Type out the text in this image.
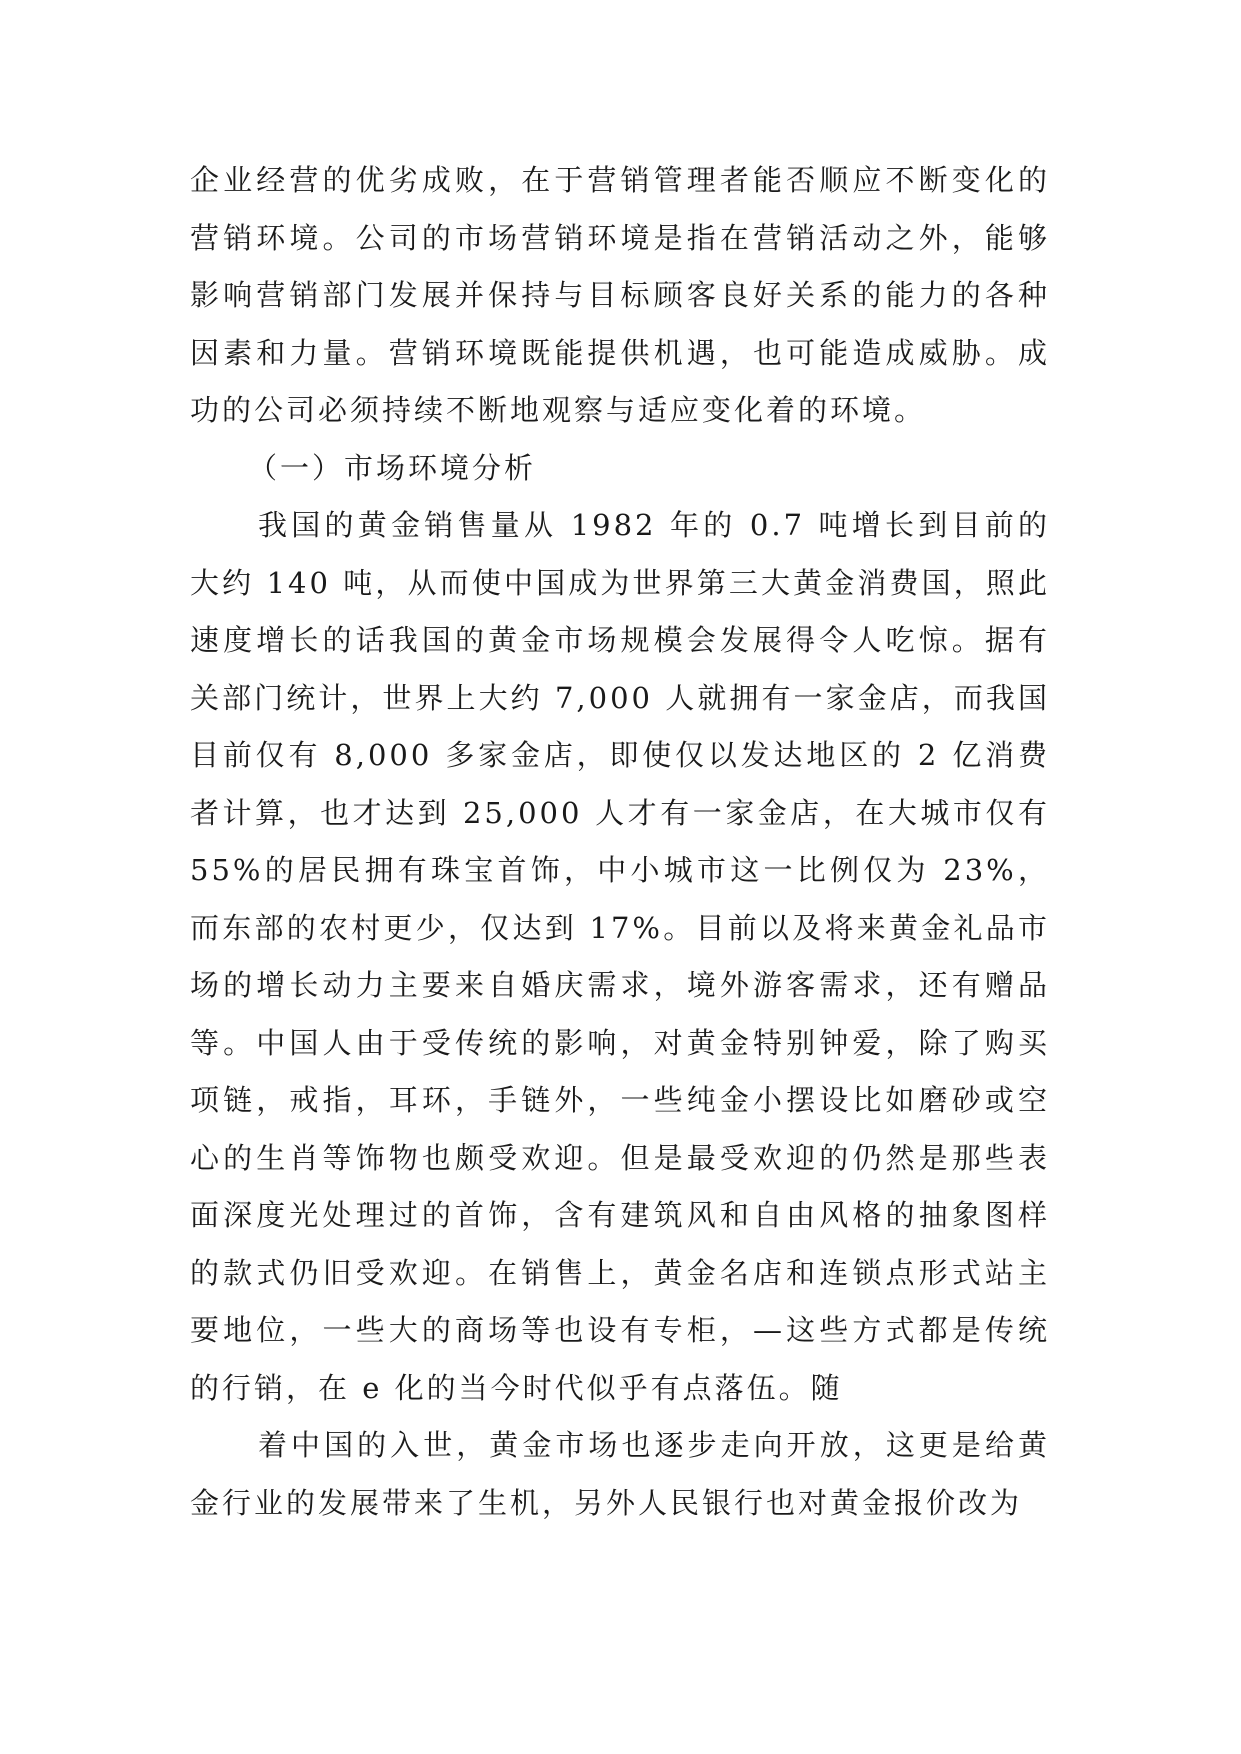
企业经营的优劣成败，在于营销管理者能否顺应不断变化的营销环境。公司的市场营销环境是指在营销活动之外，能够影响营销部门发展并保持与目标顾客良好关系的能力的各种因素和力量。营销环境既能提供机遇，也可能造成威胁。成功的公司必须持续不断地观察与适应变化着的环境。

（一）市场环境分析

我国的黄金销售量从 1982 年的 0.7 吨增长到目前的大约 140 吨，从而使中国成为世界第三大黄金消费国，照此速度增长的话我国的黄金市场规模会发展得令人吃惊。据有关部门统计，世界上大约 7,000 人就拥有一家金店，而我国目前仅有 8,000 多家金店，即使仅以发达地区的 2 亿消费者计算，也才达到 25,000 人才有一家金店，在大城市仅有 55%的居民拥有珠宝首饰，中小城市这一比例仅为 23%，而东部的农村更少，仅达到 17%。目前以及将来黄金礼品市场的增长动力主要来自婚庆需求，境外游客需求，还有赠品等。中国人由于受传统的影响，对黄金特别钟爱，除了购买项链，戒指，耳环，手链外，一些纯金小摆设比如磨砂或空心的生肖等饰物也颇受欢迎。但是最受欢迎的仍然是那些表面深度光处理过的首饰，含有建筑风和自由风格的抽象图样的款式仍旧受欢迎。在销售上，黄金名店和连锁点形式站主要地位，一些大的商场等也设有专柜，—这些方式都是传统的行销，在 e 化的当今时代似乎有点落伍。随

着中国的入世，黄金市场也逐步走向开放，这更是给黄金行业的发展带来了生机，另外人民银行也对黄金报价改为
